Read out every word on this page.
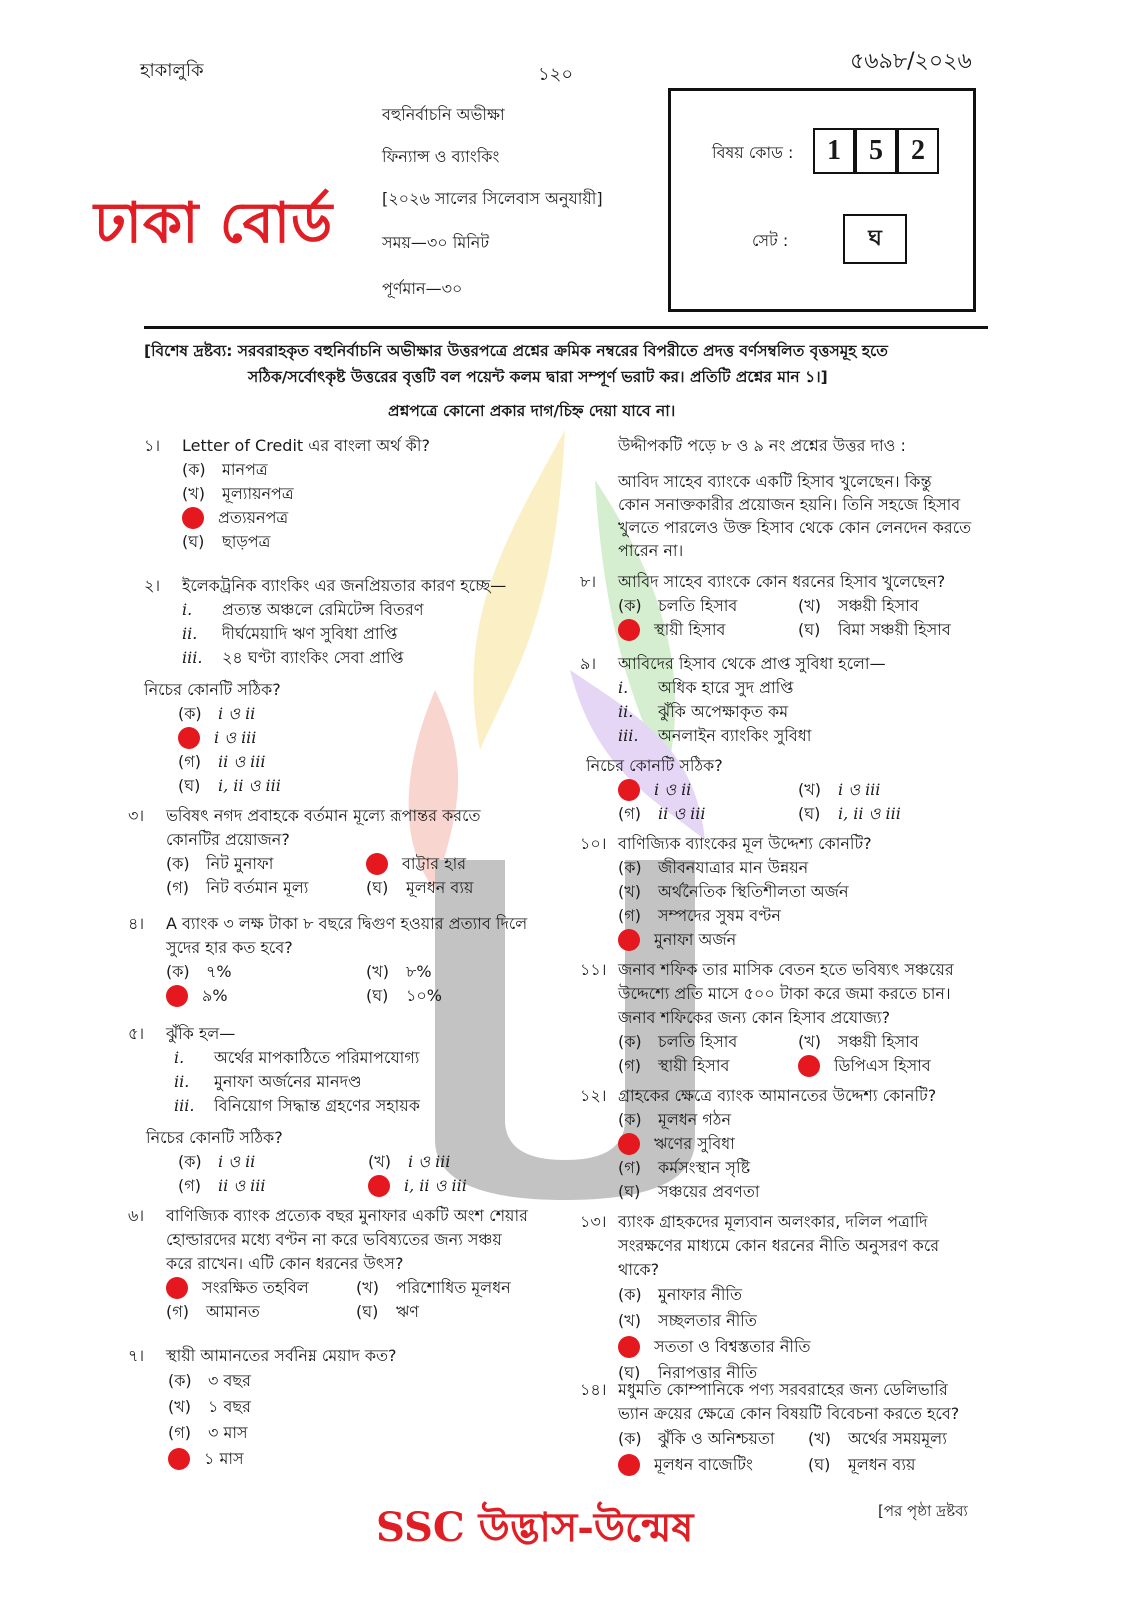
হাকালুকি	১২০
৫৬৯৮/২০২৬
ঢাকা বোর্ড
বহুনির্বাচনি অভীক্ষা
ফিন্যান্স ও ব্যাংকিং
[২০২৬ সালের সিলেবাস অনুযায়ী]
সময়—৩০ মিনিট
পূর্ণমান—৩০
বিষয় কোড :	1	5	2
সেট :	ঘ
[বিশেষ দ্রষ্টব্য: সরবরাহকৃত বহুনির্বাচনি অভীক্ষার উত্তরপত্রে প্রশ্নের ক্রমিক নম্বরের বিপরীতে প্রদত্ত বর্ণসম্বলিত বৃত্তসমূহ হতে
সঠিক/সর্বোৎকৃষ্ট উত্তরের বৃত্তটি বল পয়েন্ট কলম দ্বারা সম্পূর্ণ ভরাট কর। প্রতিটি প্রশ্নের মান ১।]
প্রশ্নপত্রে কোনো প্রকার দাগ/চিহ্ন দেয়া যাবে না।
১।	Letter of Credit এর বাংলা অর্থ কী?
(ক)	মানপত্র
(খ)	মূল্যায়নপত্র
প্রত্যয়নপত্র
(ঘ)	ছাড়পত্র
২।	ইলেকট্রনিক ব্যাংকিং এর জনপ্রিয়তার কারণ হচ্ছে—
i.	প্রত্যন্ত অঞ্চলে রেমিটেন্স বিতরণ
ii.	দীর্ঘমেয়াদি ঋণ সুবিধা প্রাপ্তি
iii.	২৪ ঘণ্টা ব্যাংকিং সেবা প্রাপ্তি
নিচের কোনটি সঠিক?
(ক)	i ও ii
i ও iii
(গ)	ii ও iii
(ঘ)	i, ii ও iii
৩।	ভবিষৎ নগদ প্রবাহকে বর্তমান মূল্যে রূপান্তর করতে
কোনটির প্রয়োজন?
(ক)	নিট মুনাফা	বাট্টার হার
(গ)	নিট বর্তমান মূল্য	(ঘ)	মূলধন ব্যয়
৪।	A ব্যাংক ৩ লক্ষ টাকা ৮ বছরে দ্বিগুণ হওয়ার প্রত্যাব দিলে
সুদের হার কত হবে?
(ক)	৭%	(খ)	৮%
৯%	(ঘ)	১০%
৫।	ঝুঁকি হল—
i.	অর্থের মাপকাঠিতে পরিমাপযোগ্য
ii.	মুনাফা অর্জনের মানদণ্ড
iii.	বিনিয়োগ সিদ্ধান্ত গ্রহণের সহায়ক
নিচের কোনটি সঠিক?
(ক)	i ও ii	(খ)	i ও iii
(গ)	ii ও iii	i, ii ও iii
৬।	বাণিজ্যিক ব্যাংক প্রত্যেক বছর মুনাফার একটি অংশ শেয়ার
হোল্ডারদের মধ্যে বণ্টন না করে ভবিষ্যতের জন্য সঞ্চয়
করে রাখেন। এটি কোন ধরনের উৎস?
সংরক্ষিত তহবিল	(খ)	পরিশোধিত মূলধন
(গ)	আমানত	(ঘ)	ঋণ
৭।	স্থায়ী আমানতের সর্বনিম্ন মেয়াদ কত?
(ক)	৩ বছর
(খ)	১ বছর
(গ)	৩ মাস
১ মাস
উদ্দীপকটি পড়ে ৮ ও ৯ নং প্রশ্নের উত্তর দাও :
আবিদ সাহেব ব্যাংকে একটি হিসাব খুলেছেন। কিন্তু
কোন সনাক্তকারীর প্রয়োজন হয়নি। তিনি সহজে হিসাব
খুলতে পারলেও উক্ত হিসাব থেকে কোন লেনদেন করতে
পারেন না।
৮।	আবিদ সাহেব ব্যাংকে কোন ধরনের হিসাব খুলেছেন?
(ক)	চলতি হিসাব	(খ)	সঞ্চয়ী হিসাব
স্থায়ী হিসাব	(ঘ)	বিমা সঞ্চয়ী হিসাব
৯।	আবিদের হিসাব থেকে প্রাপ্ত সুবিধা হলো—
i.	অধিক হারে সুদ প্রাপ্তি
ii.	ঝুঁকি অপেক্ষাকৃত কম
iii.	অনলাইন ব্যাংকিং সুবিধা
নিচের কোনটি সঠিক?
i ও ii	(খ)	i ও iii
(গ)	ii ও iii	(ঘ)	i, ii ও iii
১০। বাণিজ্যিক ব্যাংকের মূল উদ্দেশ্য কোনটি?
(ক)	জীবনযাত্রার মান উন্নয়ন
(খ)	অর্থনৈতিক স্থিতিশীলতা অর্জন
(গ)	সম্পদের সুষম বণ্টন
মুনাফা অর্জন
১১। জনাব শফিক তার মাসিক বেতন হতে ভবিষ্যৎ সঞ্চয়ের
উদ্দেশ্যে প্রতি মাসে ৫০০ টাকা করে জমা করতে চান।
জনাব শফিকের জন্য কোন হিসাব প্রযোজ্য?
(ক)	চলতি হিসাব	(খ)	সঞ্চয়ী হিসাব
(গ)	স্থায়ী হিসাব	ডিপিএস হিসাব
১২। গ্রাহকের ক্ষেত্রে ব্যাংক আমানতের উদ্দেশ্য কোনটি?
(ক)	মূলধন গঠন
ঋণের সুবিধা
(গ)	কর্মসংস্থান সৃষ্টি
(ঘ)	সঞ্চয়ের প্রবণতা
১৩। ব্যাংক গ্রাহকদের মূল্যবান অলংকার, দলিল পত্রাদি
সংরক্ষণের মাধ্যমে কোন ধরনের নীতি অনুসরণ করে থাকে?
(ক)	মুনাফার নীতি
(খ)	সচ্ছলতার নীতি
সততা ও বিশ্বস্ততার নীতি
(ঘ)	নিরাপত্তার নীতি
১৪। মধুমতি কোম্পানিকে পণ্য সরবরাহের জন্য ডেলিভারি
ভ্যান ক্রয়ের ক্ষেত্রে কোন বিষয়টি বিবেচনা করতে হবে?
(ক)	ঝুঁকি ও অনিশ্চয়তা (খ)	অর্থের সময়মূল্য
মূলধন বাজেটিং	(ঘ)	মূলধন ব্যয়
SSC উদ্ভাস-উন্মেষ	[পর পৃষ্ঠা দ্রষ্টব্য
